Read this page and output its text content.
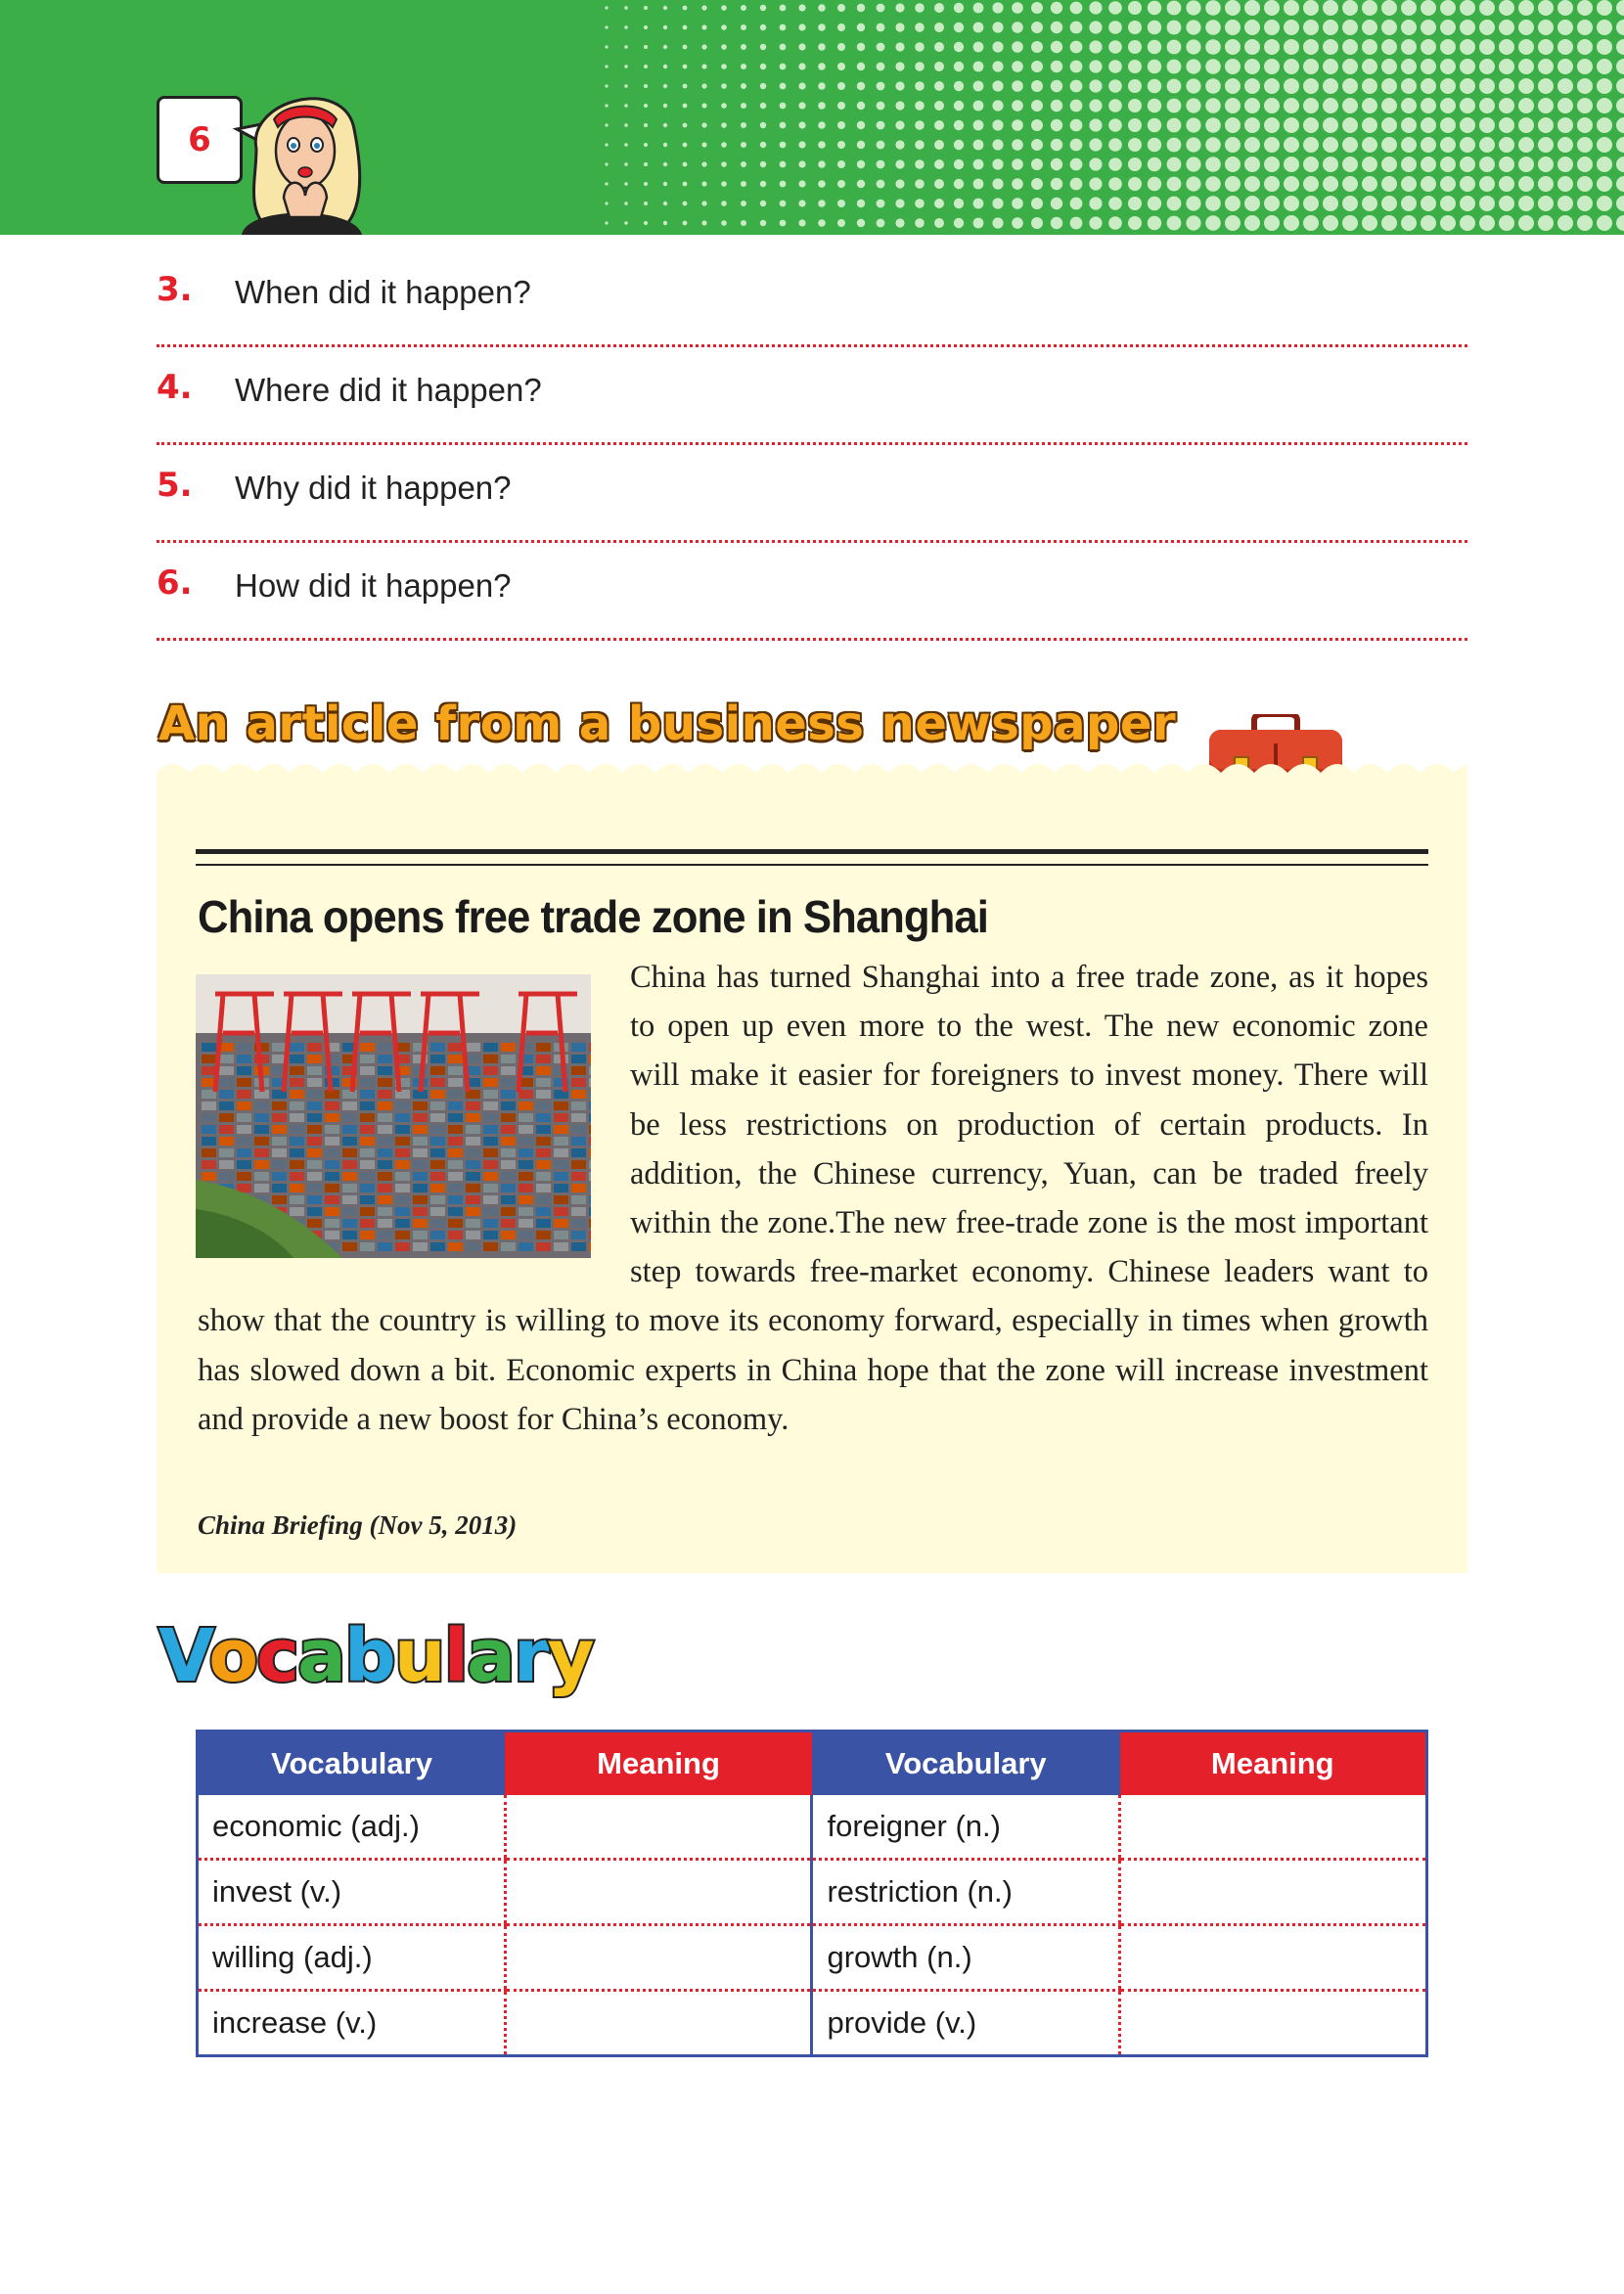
6
3. When did it happen?
4. Where did it happen?
5. Why did it happen?
6. How did it happen?
An article from a business newspaper
China opens free trade zone in Shanghai
China has turned Shanghai into a free trade zone, as it hopes to open up even more to the west. The new economic zone will make it easier for foreigners to invest money. There will be less restrictions on production of certain products. In addition, the Chinese currency, Yuan, can be traded freely within the zone.The new free-trade zone is the most important step towards free-market economy. Chinese leaders want to show that the country is willing to move its economy forward, especially in times when growth has slowed down a bit. Economic experts in China hope that the zone will increase investment and provide a new boost for China’s economy.
China Briefing (Nov 5, 2013)
Vocabulary
Vocabulary	Meaning	Vocabulary	Meaning
economic (adj.)		foreigner (n.)	
invest (v.)		restriction (n.)	
willing (adj.)		growth (n.)	
increase (v.)		provide (v.)	
